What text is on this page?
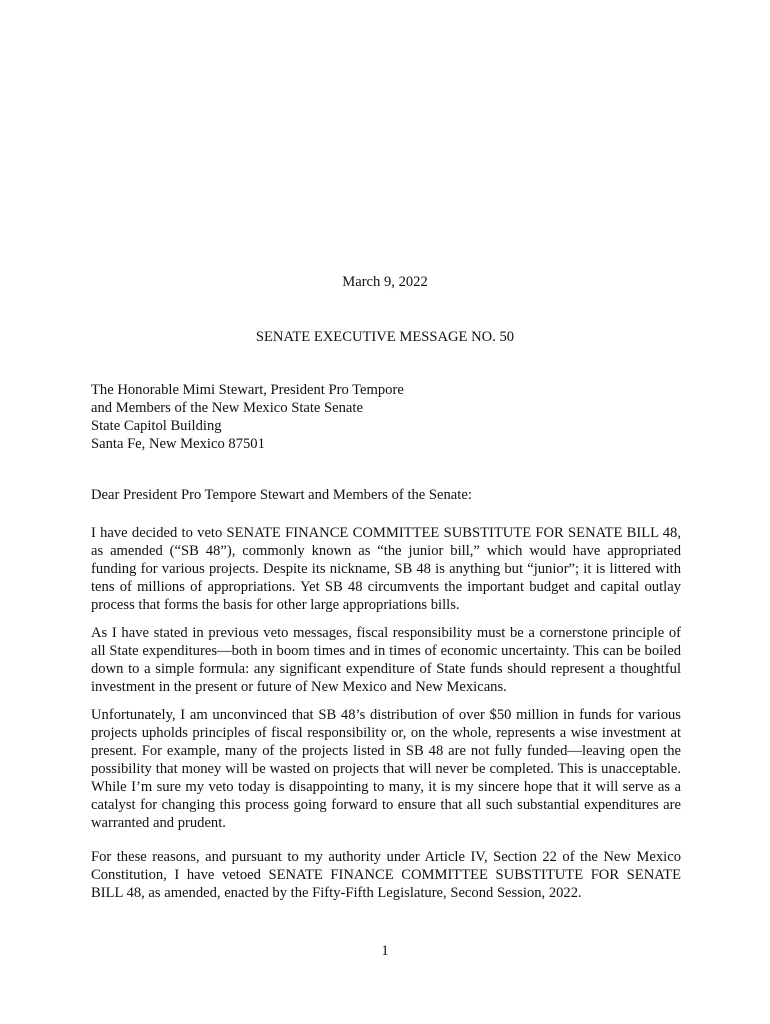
March 9, 2022
SENATE EXECUTIVE MESSAGE NO. 50
The Honorable Mimi Stewart, President Pro Tempore
and Members of the New Mexico State Senate
State Capitol Building
Santa Fe, New Mexico 87501
Dear President Pro Tempore Stewart and Members of the Senate:
I have decided to veto SENATE FINANCE COMMITTEE SUBSTITUTE FOR SENATE BILL 48, as amended (“SB 48”), commonly known as “the junior bill,” which would have appropriated funding for various projects. Despite its nickname, SB 48 is anything but “junior”; it is littered with tens of millions of appropriations. Yet SB 48 circumvents the important budget and capital outlay process that forms the basis for other large appropriations bills.
As I have stated in previous veto messages, fiscal responsibility must be a cornerstone principle of all State expenditures—both in boom times and in times of economic uncertainty. This can be boiled down to a simple formula: any significant expenditure of State funds should represent a thoughtful investment in the present or future of New Mexico and New Mexicans.
Unfortunately, I am unconvinced that SB 48’s distribution of over $50 million in funds for various projects upholds principles of fiscal responsibility or, on the whole, represents a wise investment at present. For example, many of the projects listed in SB 48 are not fully funded—leaving open the possibility that money will be wasted on projects that will never be completed. This is unacceptable. While I’m sure my veto today is disappointing to many, it is my sincere hope that it will serve as a catalyst for changing this process going forward to ensure that all such substantial expenditures are warranted and prudent.
For these reasons, and pursuant to my authority under Article IV, Section 22 of the New Mexico Constitution, I have vetoed SENATE FINANCE COMMITTEE SUBSTITUTE FOR SENATE BILL 48, as amended, enacted by the Fifty-Fifth Legislature, Second Session, 2022.
1
